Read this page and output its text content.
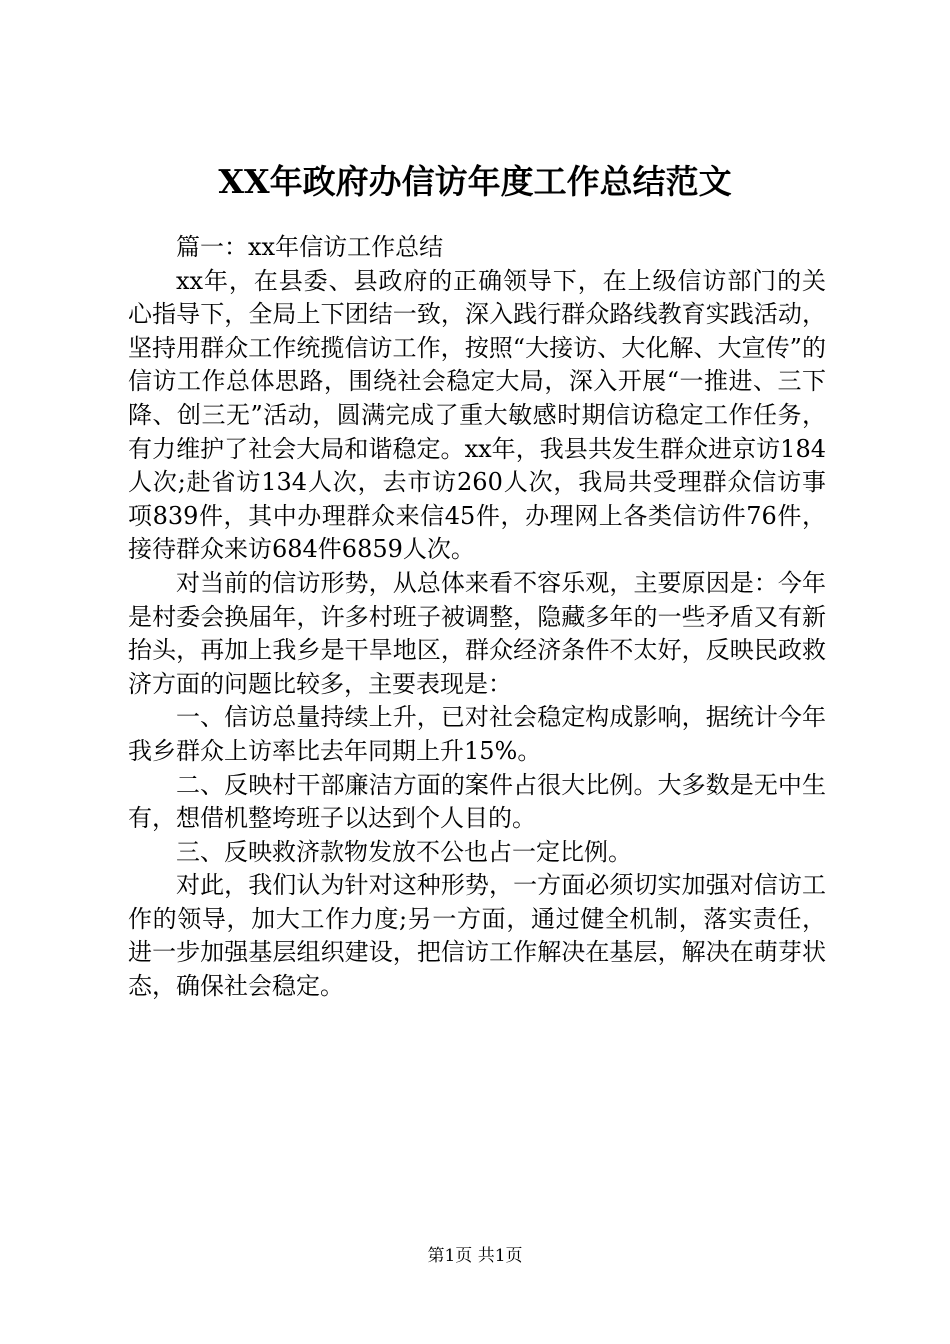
XX年政府办信访年度工作总结范文

篇一：xx年信访工作总结

xx年，在县委、县政府的正确领导下，在上级信访部门的关心指导下，全局上下团结一致，深入践行群众路线教育实践活动，坚持用群众工作统揽信访工作，按照“大接访、大化解、大宣传”的信访工作总体思路，围绕社会稳定大局，深入开展“一推进、三下降、创三无”活动，圆满完成了重大敏感时期信访稳定工作任务，有力维护了社会大局和谐稳定。xx年，我县共发生群众进京访184人次;赴省访134人次，去市访260人次，我局共受理群众信访事项839件，其中办理群众来信45件，办理网上各类信访件76件，接待群众来访684件6859人次。

对当前的信访形势，从总体来看不容乐观，主要原因是：今年是村委会换届年，许多村班子被调整，隐藏多年的一些矛盾又有新抬头，再加上我乡是干旱地区，群众经济条件不太好，反映民政救济方面的问题比较多，主要表现是：

一、信访总量持续上升，已对社会稳定构成影响，据统计今年我乡群众上访率比去年同期上升15%。

二、反映村干部廉洁方面的案件占很大比例。大多数是无中生有，想借机整垮班子以达到个人目的。

三、反映救济款物发放不公也占一定比例。

对此，我们认为针对这种形势，一方面必须切实加强对信访工作的领导，加大工作力度;另一方面，通过健全机制，落实责任，进一步加强基层组织建设，把信访工作解决在基层，解决在萌芽状态，确保社会稳定。

第1页 共1页
